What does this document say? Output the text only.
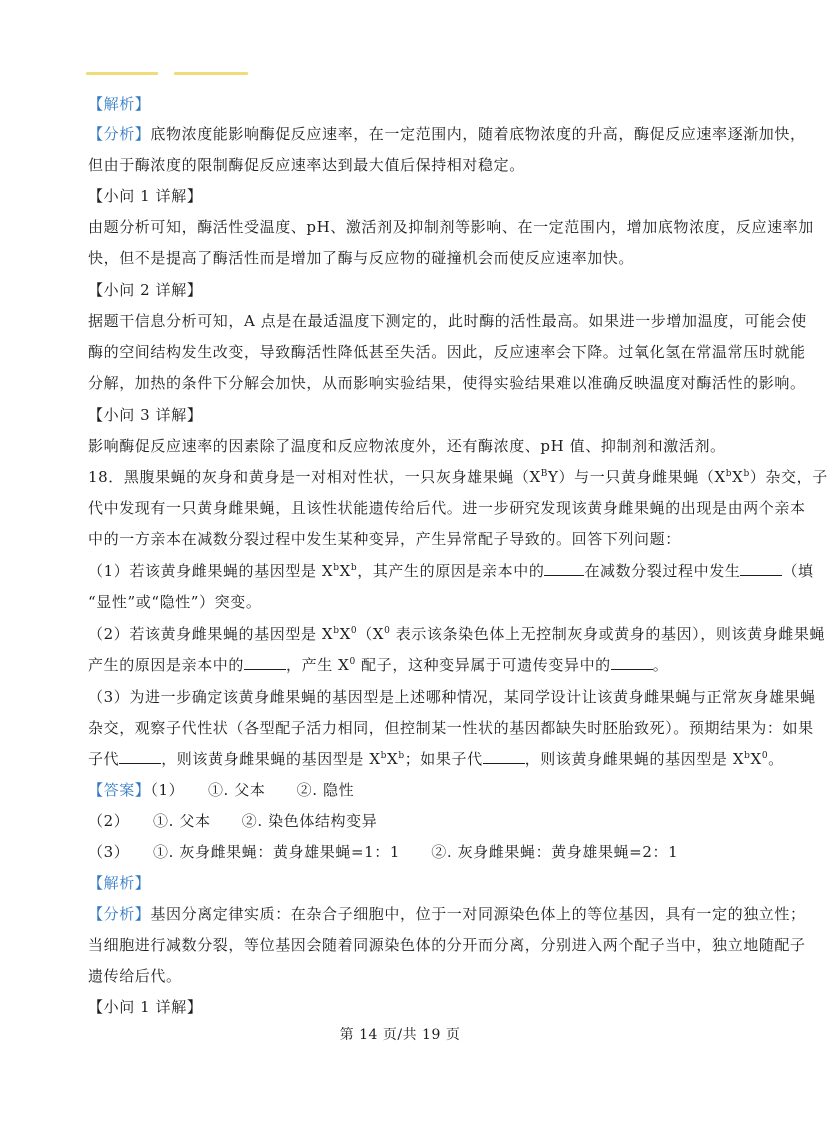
【解析】
【分析】底物浓度能影响酶促反应速率，在一定范围内，随着底物浓度的升高，酶促反应速率逐渐加快，
但由于酶浓度的限制酶促反应速率达到最大值后保持相对稳定。
【小问 1 详解】
由题分析可知，酶活性受温度、pH、激活剂及抑制剂等影响、在一定范围内，增加底物浓度，反应速率加
快，但不是提高了酶活性而是增加了酶与反应物的碰撞机会而使反应速率加快。
【小问 2 详解】
据题干信息分析可知，A 点是在最适温度下测定的，此时酶的活性最高。如果进一步增加温度，可能会使
酶的空间结构发生改变，导致酶活性降低甚至失活。因此，反应速率会下降。过氧化氢在常温常压时就能
分解，加热的条件下分解会加快，从而影响实验结果，使得实验结果难以准确反映温度对酶活性的影响。
【小问 3 详解】
影响酶促反应速率的因素除了温度和反应物浓度外，还有酶浓度、pH 值、抑制剂和激活剂。
18．黑腹果蝇的灰身和黄身是一对相对性状，一只灰身雄果蝇$(X^BY)$与一只黄身雌果蝇$(X^bX^b)$杂交，子
代中发现有一只黄身雌果蝇，且该性状能遗传给后代。进一步研究发现该黄身雌果蝇的出现是由两个亲本
中的一方亲本在减数分裂过程中发生某种变异，产生异常配子导致的。回答下列问题：
（1）若该黄身雌果蝇的基因型是 $X^bX^b$，其产生的原因是亲本中的	在减数分裂过程中发生	（填
“显性”或“隐性”）突变。
（2）若该黄身雌果蝇的基因型是 $X^bX^0(X^0$ 表示该条染色体上无控制灰身或黄身的基因），则该黄身雌果蝇
产生的原因是亲本中的	，产生 $X^0$ 配子，这种变异属于可遗传变异中的	。
（3）为进一步确定该黄身雌果蝇的基因型是上述哪种情况，某同学设计让该黄身雌果蝇与正常灰身雄果蝇
杂交，观察子代性状（各型配子活力相同，但控制某一性状的基因都缺失时胚胎致死）。预期结果为：如果
子代	，则该黄身雌果蝇的基因型是 $X^bX^b$；如果子代	，则该黄身雌果蝇的基因型是 $X^bX^0$。
【答案】（1）　　①. 父本　　②. 隐性
（2）　　①. 父本　　②. 染色体结构变异
（3）　　①. 灰身雌果蝇：黄身雄果蝇=1：1　　②. 灰身雌果蝇：黄身雄果蝇=2：1
【解析】
【分析】基因分离定律实质：在杂合子细胞中，位于一对同源染色体上的等位基因，具有一定的独立性；
当细胞进行减数分裂，等位基因会随着同源染色体的分开而分离，分别进入两个配子当中，独立地随配子
遗传给后代。
【小问 1 详解】
第 14 页/共 19 页
